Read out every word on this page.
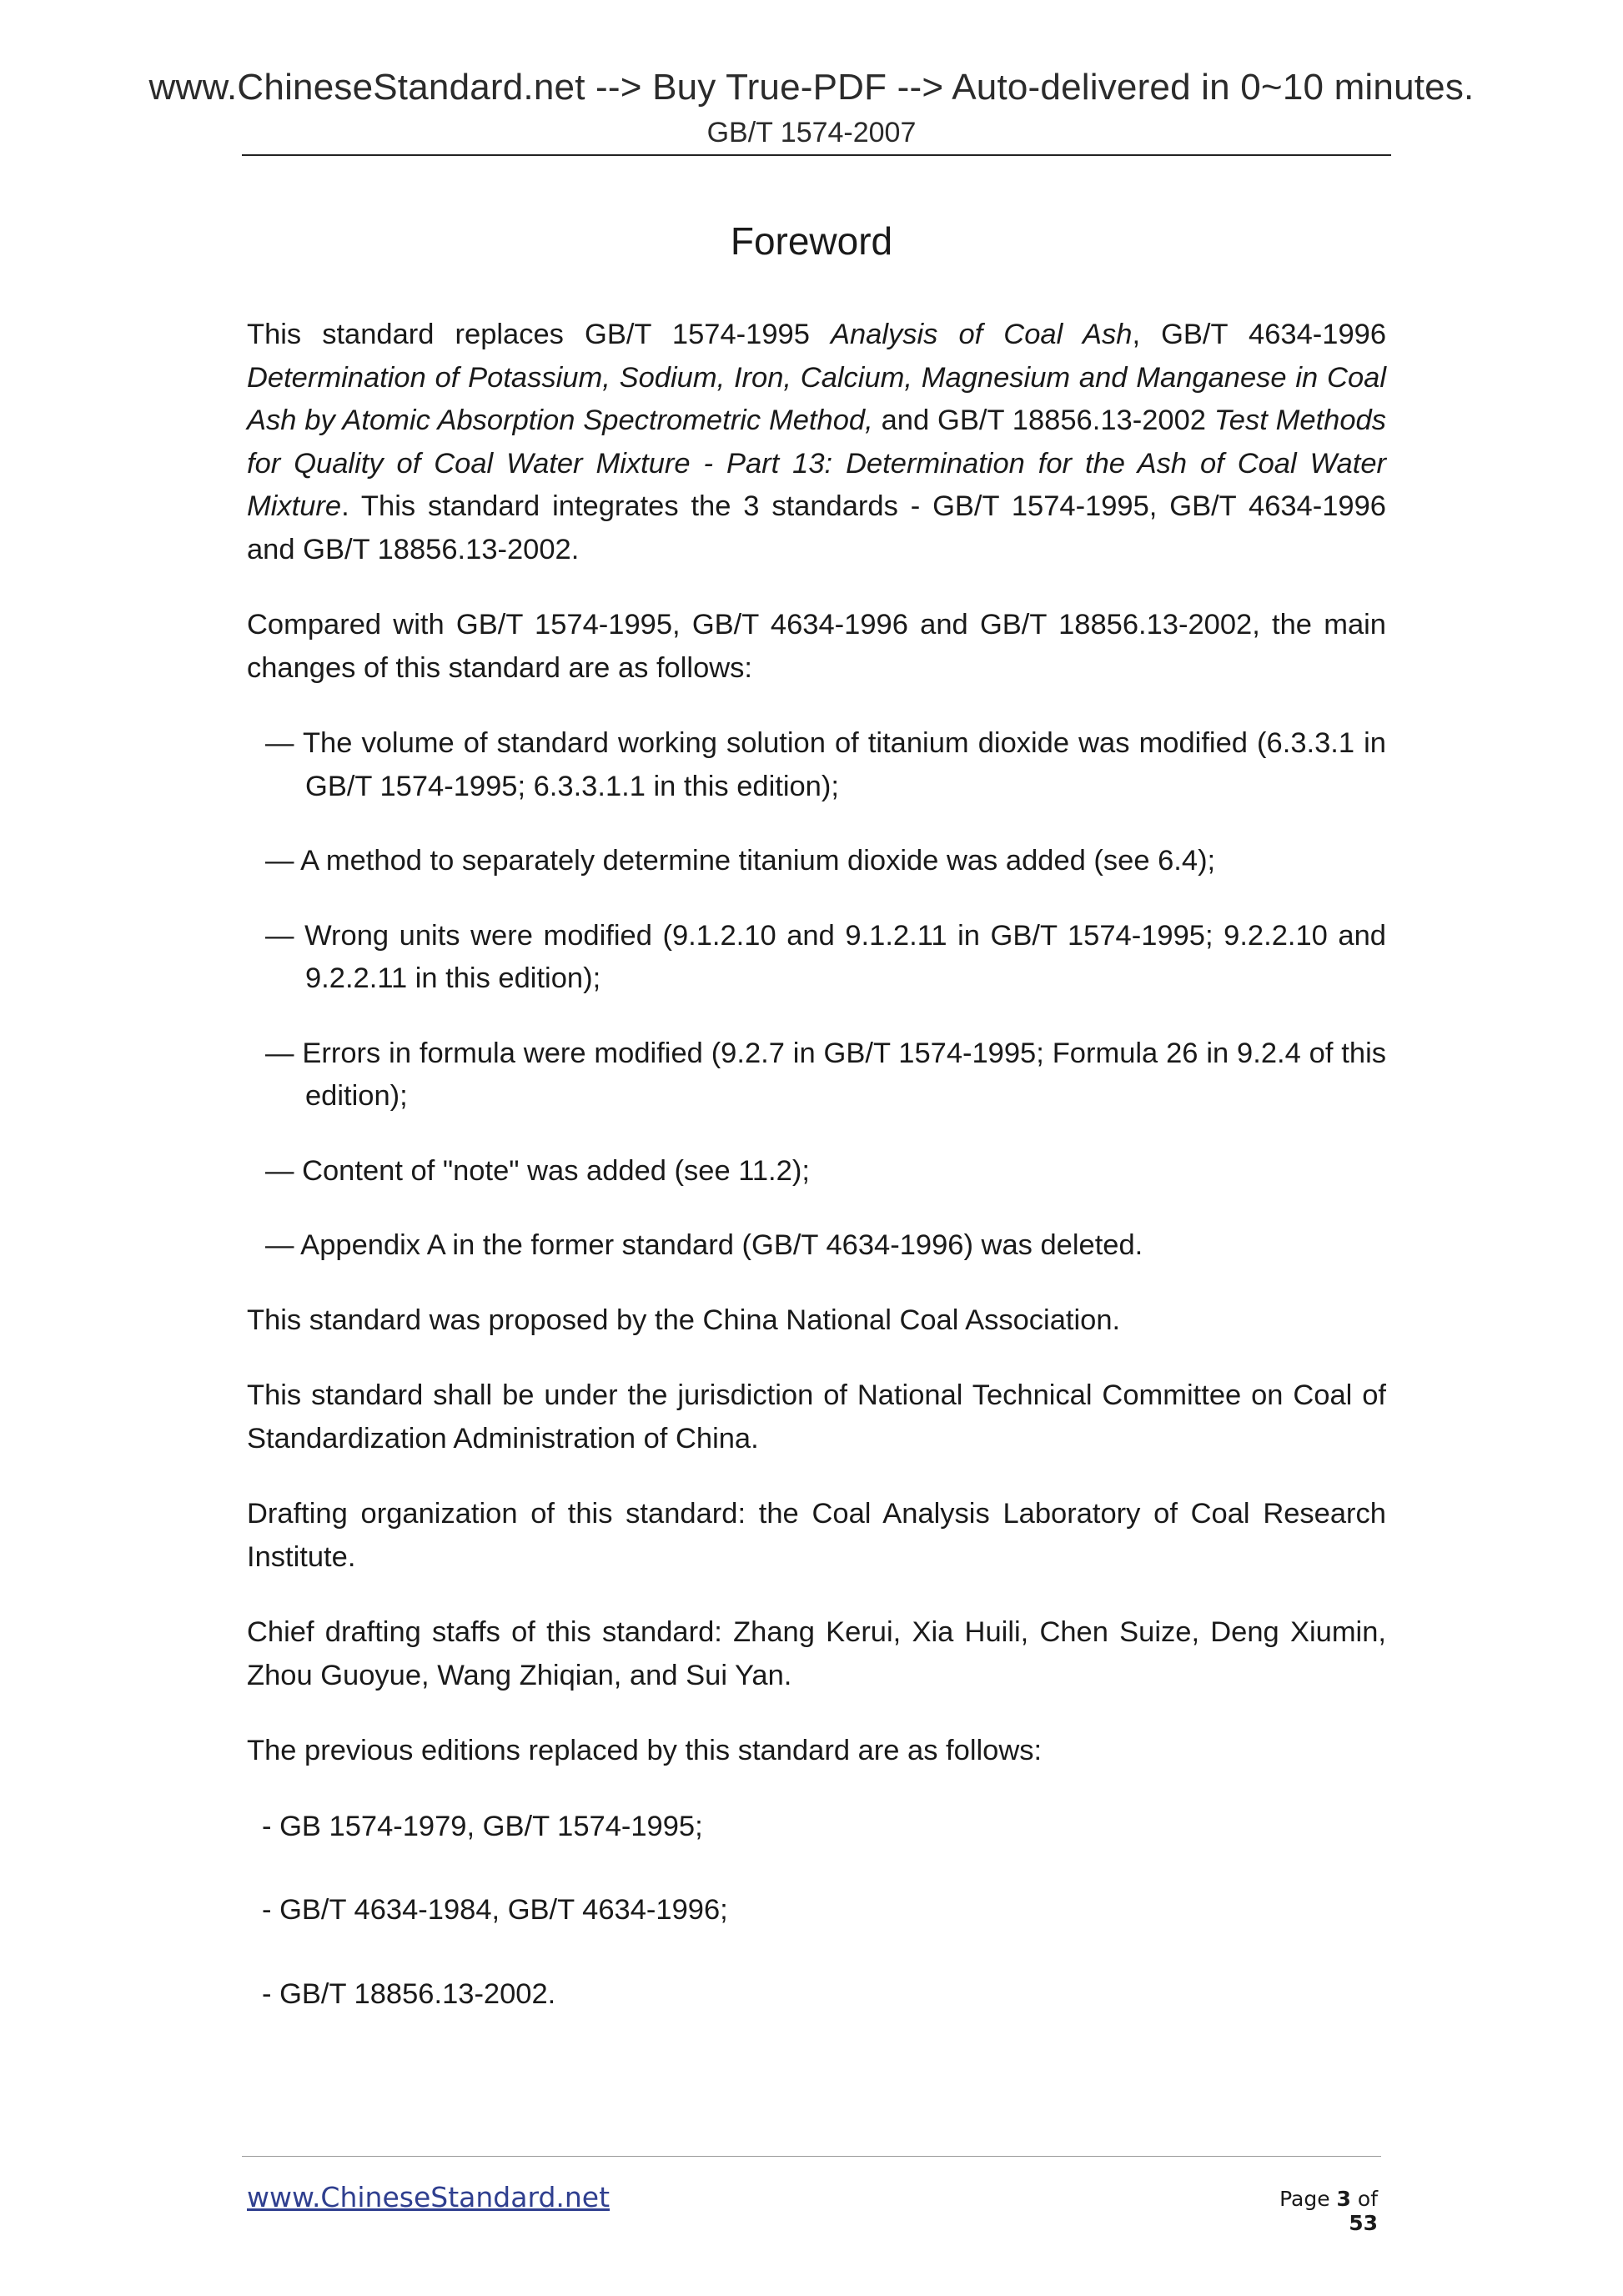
www.ChineseStandard.net --> Buy True-PDF --> Auto-delivered in 0~10 minutes.
GB/T 1574-2007
Foreword

This standard replaces GB/T 1574-1995 Analysis of Coal Ash, GB/T 4634-1996 Determination of Potassium, Sodium, Iron, Calcium, Magnesium and Manganese in Coal Ash by Atomic Absorption Spectrometric Method, and GB/T 18856.13-2002 Test Methods for Quality of Coal Water Mixture - Part 13: Determination for the Ash of Coal Water Mixture. This standard integrates the 3 standards - GB/T 1574-1995, GB/T 4634-1996 and GB/T 18856.13-2002.

Compared with GB/T 1574-1995, GB/T 4634-1996 and GB/T 18856.13-2002, the main changes of this standard are as follows:

— The volume of standard working solution of titanium dioxide was modified (6.3.3.1 in GB/T 1574-1995; 6.3.3.1.1 in this edition);
— A method to separately determine titanium dioxide was added (see 6.4);
— Wrong units were modified (9.1.2.10 and 9.1.2.11 in GB/T 1574-1995; 9.2.2.10 and 9.2.2.11 in this edition);
— Errors in formula were modified (9.2.7 in GB/T 1574-1995; Formula 26 in 9.2.4 of this edition);
— Content of "note" was added (see 11.2);
— Appendix A in the former standard (GB/T 4634-1996) was deleted.

This standard was proposed by the China National Coal Association.

This standard shall be under the jurisdiction of National Technical Committee on Coal of Standardization Administration of China.

Drafting organization of this standard: the Coal Analysis Laboratory of Coal Research Institute.

Chief drafting staffs of this standard: Zhang Kerui, Xia Huili, Chen Suize, Deng Xiumin, Zhou Guoyue, Wang Zhiqian, and Sui Yan.

The previous editions replaced by this standard are as follows:

- GB 1574-1979, GB/T 1574-1995;
- GB/T 4634-1984, GB/T 4634-1996;
- GB/T 18856.13-2002.
www.ChineseStandard.net	Page 3 of 53
